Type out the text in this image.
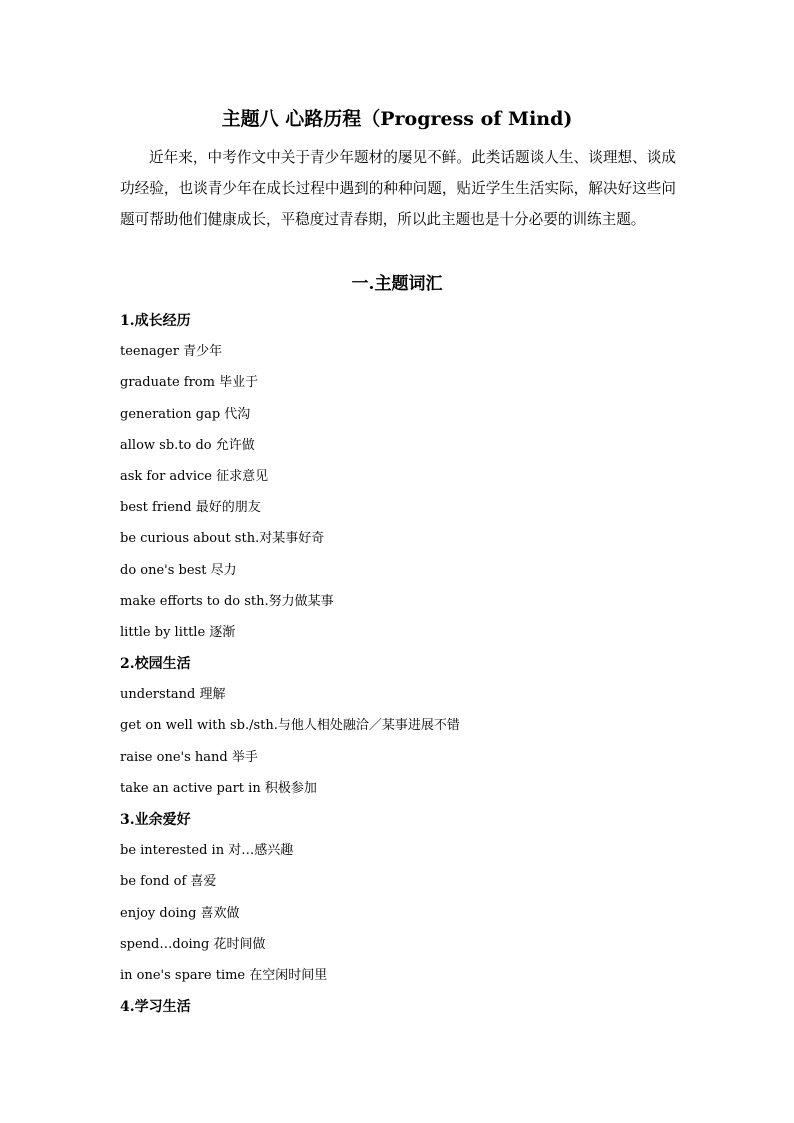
主题八 心路历程（Progress of Mind)
近年来，中考作文中关于青少年题材的屡见不鲜。此类话题谈人生、谈理想、谈成功经验，也谈青少年在成长过程中遇到的种种问题，贴近学生生活实际，解决好这些问题可帮助他们健康成长，平稳度过青春期，所以此主题也是十分必要的训练主题。
一.主题词汇
1.成长经历
teenager 青少年
graduate from 毕业于
generation gap 代沟
allow sb.to do 允许做
ask for advice 征求意见
best friend 最好的朋友
be curious about sth.对某事好奇
do one's best 尽力
make efforts to do sth.努力做某事
little by little 逐渐
2.校园生活
understand 理解
get on well with sb./sth.与他人相处融洽／某事进展不错
raise one's hand 举手
take an active part in 积极参加
3.业余爱好
be interested in 对…感兴趣
be fond of 喜爱
enjoy doing 喜欢做
spend…doing 花时间做
in one's spare time 在空闲时间里
4.学习生活
